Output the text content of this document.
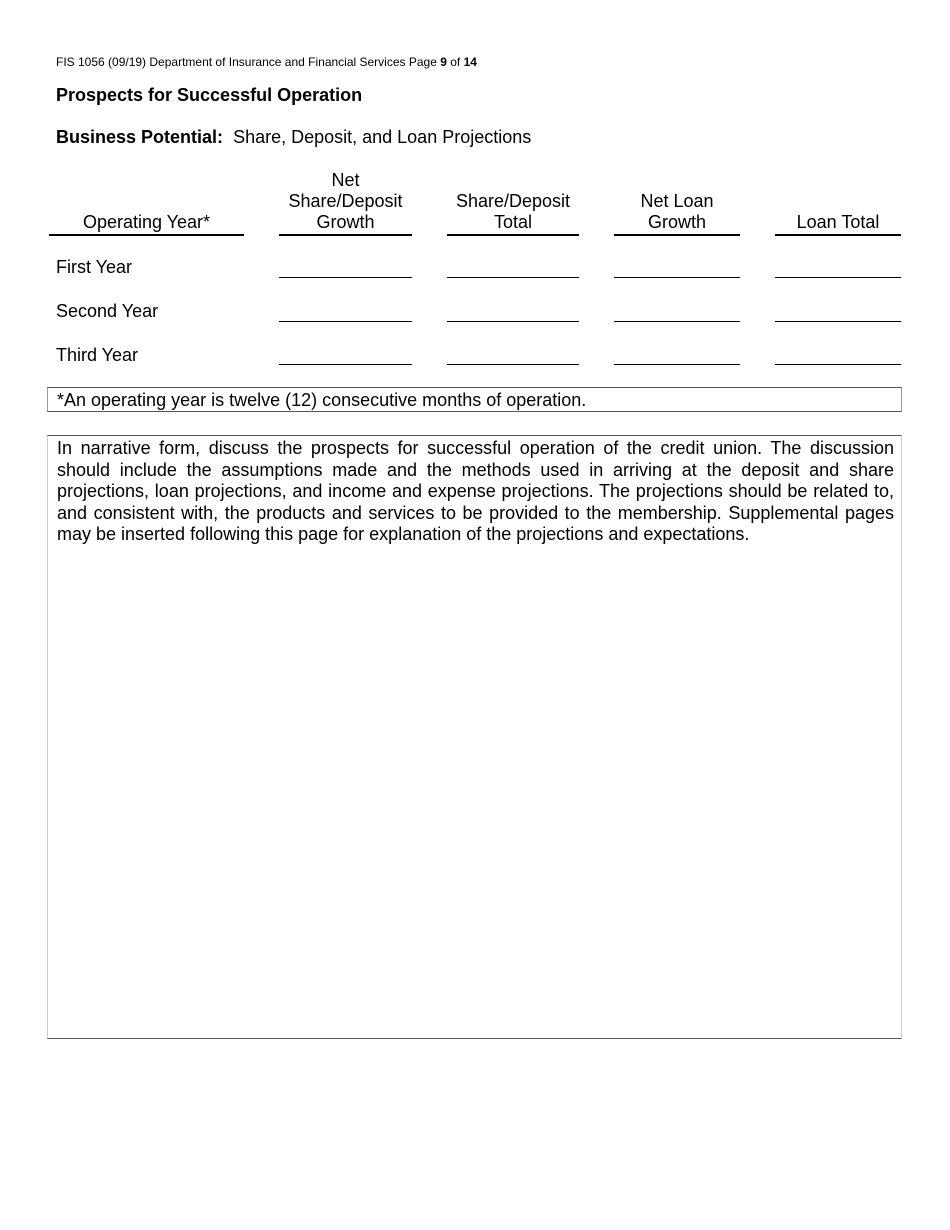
FIS 1056 (09/19) Department of Insurance and Financial Services Page 9 of 14
Prospects for Successful Operation
Business Potential: Share, Deposit, and Loan Projections
Operating Year*
Net
Share/Deposit
Growth
Share/Deposit
Total
Net Loan
Growth	Loan Total
First Year
Second Year
Third Year
*An operating year is twelve (12) consecutive months of operation.
In narrative form, discuss the prospects for successful operation of the credit union. The discussion should include the assumptions made and the methods used in arriving at the deposit and share projections, loan projections, and income and expense projections. The projections should be related to, and consistent with, the products and services to be provided to the membership. Supplemental pages may be inserted following this page for explanation of the projections and expectations.
